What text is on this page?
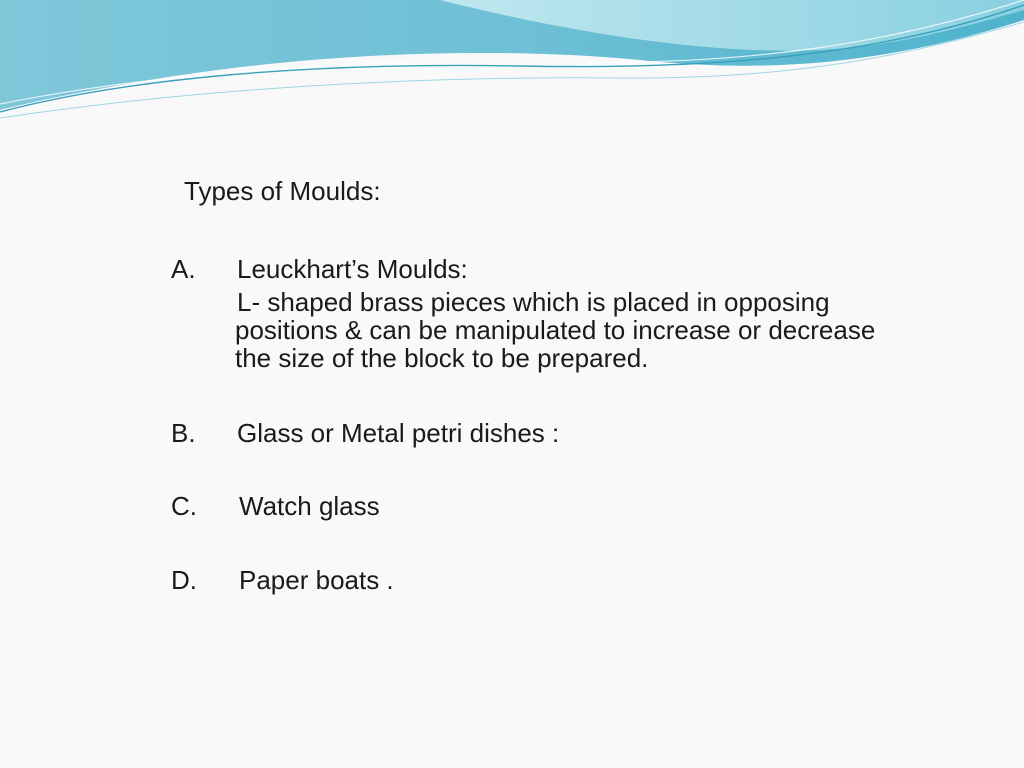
Types of Moulds:
A. Leuckhart’s Moulds:
L- shaped brass pieces which is placed in opposing
positions & can be manipulated to increase or decrease
the size of the block to be prepared.
B. Glass or Metal petri dishes :
C. Watch glass
D. Paper boats .
